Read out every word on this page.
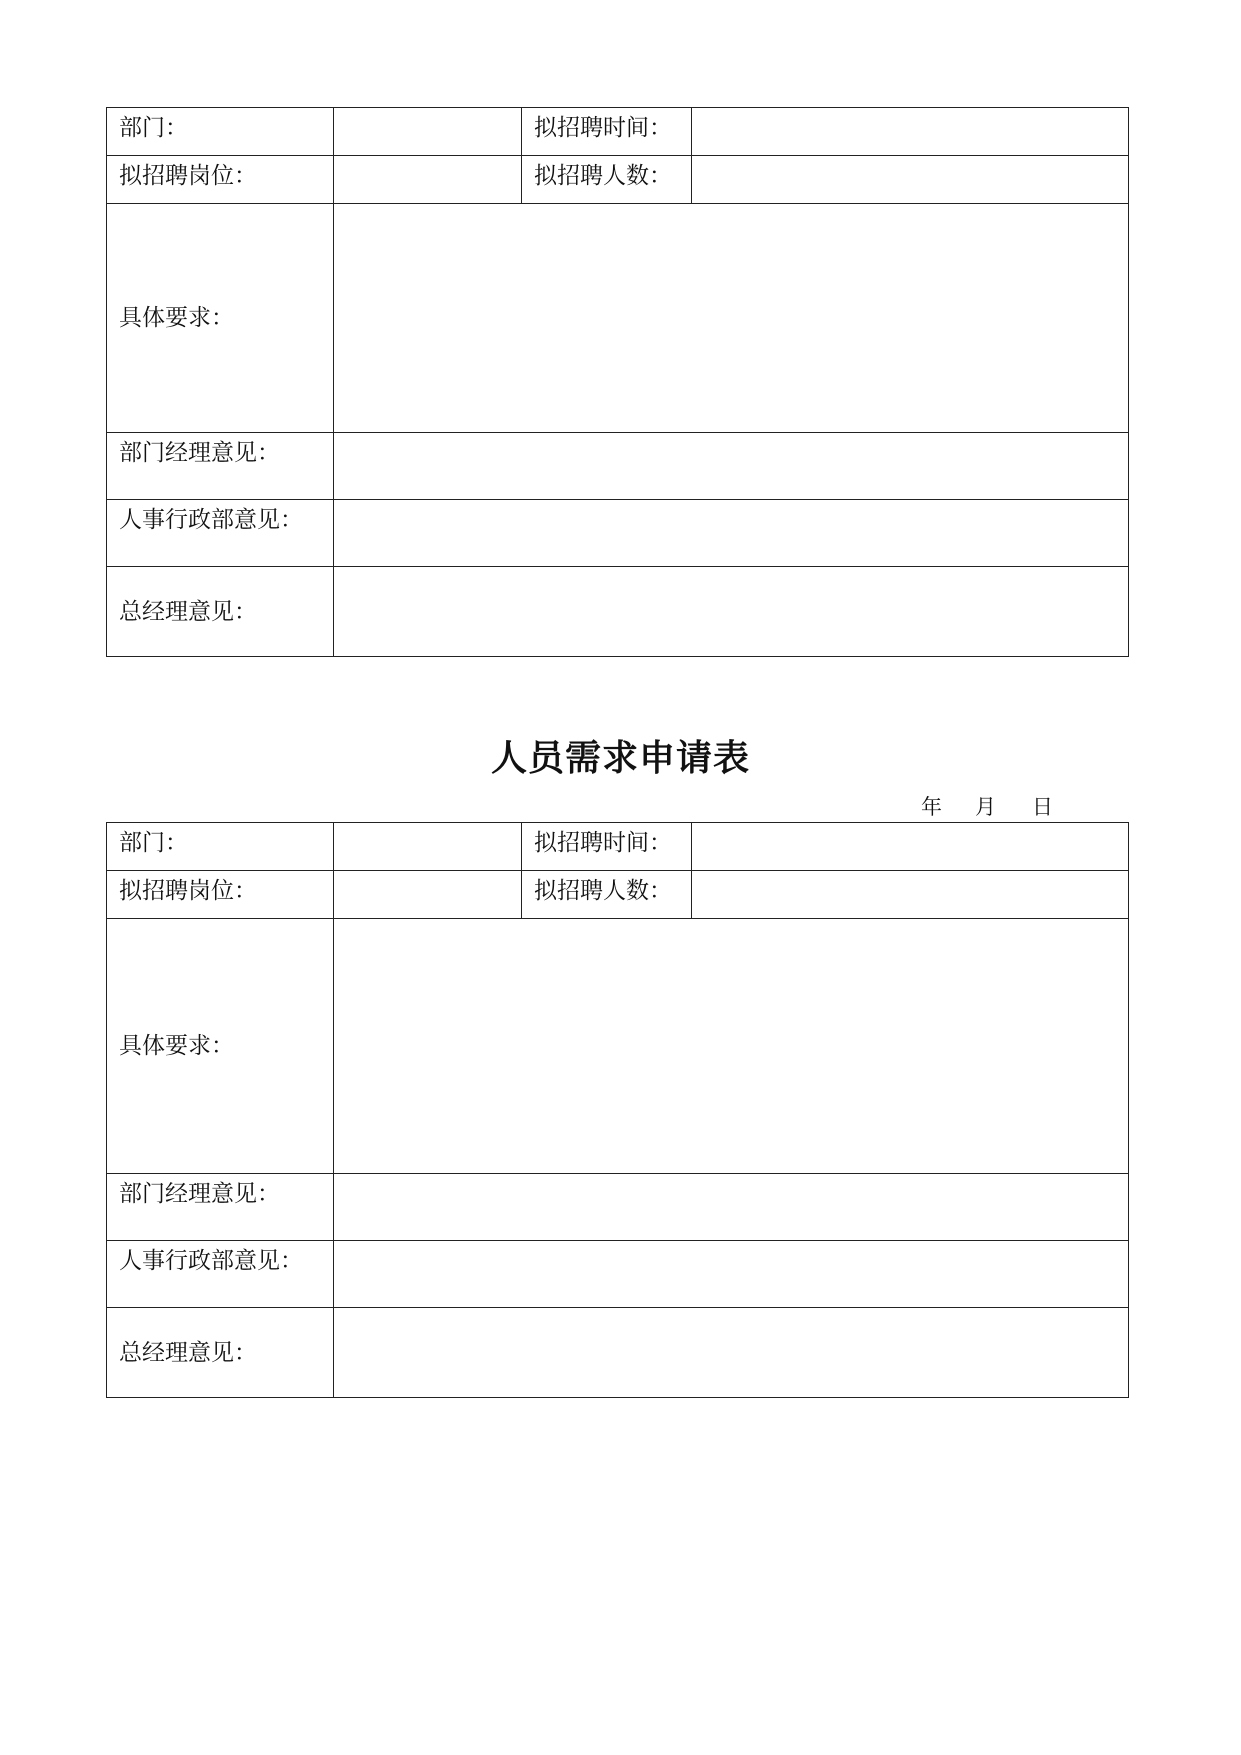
部门：		拟招聘时间：	
拟招聘岗位：		拟招聘人数：	
具体要求：			
部门经理意见：			
人事行政部意见：			
总经理意见：			
人员需求申请表
年 月 日
部门：		拟招聘时间：	
拟招聘岗位：		拟招聘人数：	
具体要求：			
部门经理意见：			
人事行政部意见：			
总经理意见：			
